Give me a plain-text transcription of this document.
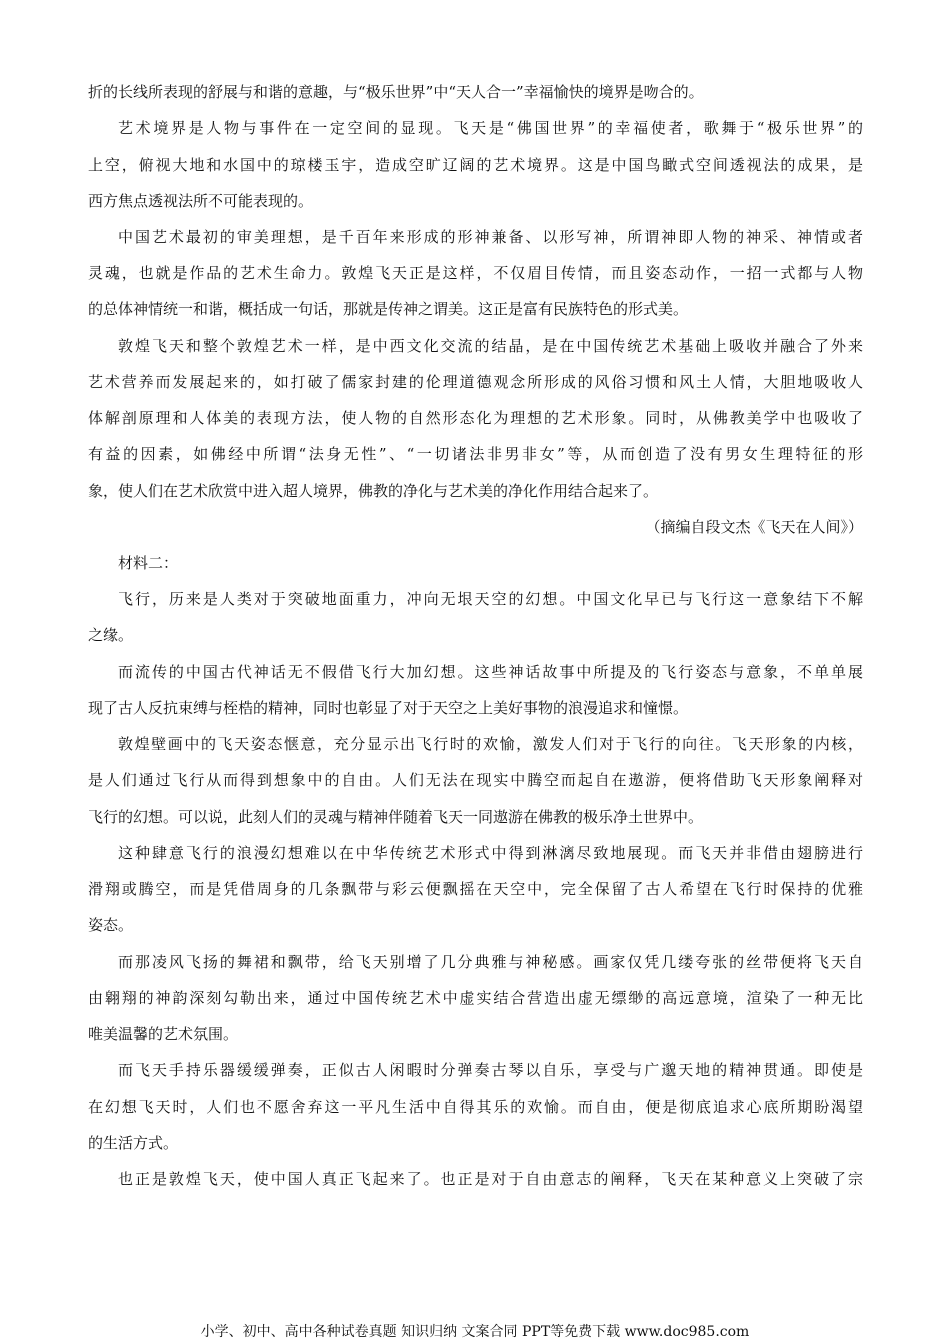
折的长线所表现的舒展与和谐的意趣，与“极乐世界”中“天人合一”幸福愉快的境界是吻合的。
艺术境界是人物与事件在一定空间的显现。飞天是“佛国世界”的幸福使者，歌舞于“极乐世界”的
上空，俯视大地和水国中的琼楼玉宇，造成空旷辽阔的艺术境界。这是中国鸟瞰式空间透视法的成果，是
西方焦点透视法所不可能表现的。
中国艺术最初的审美理想，是千百年来形成的形神兼备、以形写神，所谓神即人物的神采、神情或者
灵魂，也就是作品的艺术生命力。敦煌飞天正是这样，不仅眉目传情，而且姿态动作，一招一式都与人物
的总体神情统一和谐，概括成一句话，那就是传神之谓美。这正是富有民族特色的形式美。
敦煌飞天和整个敦煌艺术一样，是中西文化交流的结晶，是在中国传统艺术基础上吸收并融合了外来
艺术营养而发展起来的，如打破了儒家封建的伦理道德观念所形成的风俗习惯和风土人情，大胆地吸收人
体解剖原理和人体美的表现方法，使人物的自然形态化为理想的艺术形象。同时，从佛教美学中也吸收了
有益的因素，如佛经中所谓“法身无性”、“一切诸法非男非女”等，从而创造了没有男女生理特征的形
象，使人们在艺术欣赏中进入超人境界，佛教的净化与艺术美的净化作用结合起来了。
（摘编自段文杰《飞天在人间》）
材料二：
飞行，历来是人类对于突破地面重力，冲向无垠天空的幻想。中国文化早已与飞行这一意象结下不解
之缘。
而流传的中国古代神话无不假借飞行大加幻想。这些神话故事中所提及的飞行姿态与意象，不单单展
现了古人反抗束缚与桎梏的精神，同时也彰显了对于天空之上美好事物的浪漫追求和憧憬。
敦煌壁画中的飞天姿态惬意，充分显示出飞行时的欢愉，激发人们对于飞行的向往。飞天形象的内核，
是人们通过飞行从而得到想象中的自由。人们无法在现实中腾空而起自在遨游，便将借助飞天形象阐释对
飞行的幻想。可以说，此刻人们的灵魂与精神伴随着飞天一同遨游在佛教的极乐净土世界中。
这种肆意飞行的浪漫幻想难以在中华传统艺术形式中得到淋漓尽致地展现。而飞天并非借由翅膀进行
滑翔或腾空，而是凭借周身的几条飘带与彩云便飘摇在天空中，完全保留了古人希望在飞行时保持的优雅
姿态。
而那凌风飞扬的舞裙和飘带，给飞天别增了几分典雅与神秘感。画家仅凭几缕夸张的丝带便将飞天自
由翱翔的神韵深刻勾勒出来，通过中国传统艺术中虚实结合营造出虚无缥缈的高远意境，渲染了一种无比
唯美温馨的艺术氛围。
而飞天手持乐器缓缓弹奏，正似古人闲暇时分弹奏古琴以自乐，享受与广邈天地的精神贯通。即使是
在幻想飞天时，人们也不愿舍弃这一平凡生活中自得其乐的欢愉。而自由，便是彻底追求心底所期盼渴望
的生活方式。
也正是敦煌飞天，使中国人真正飞起来了。也正是对于自由意志的阐释，飞天在某种意义上突破了宗
小学、初中、高中各种试卷真题 知识归纳 文案合同 PPT等免费下载 www.doc985.com
